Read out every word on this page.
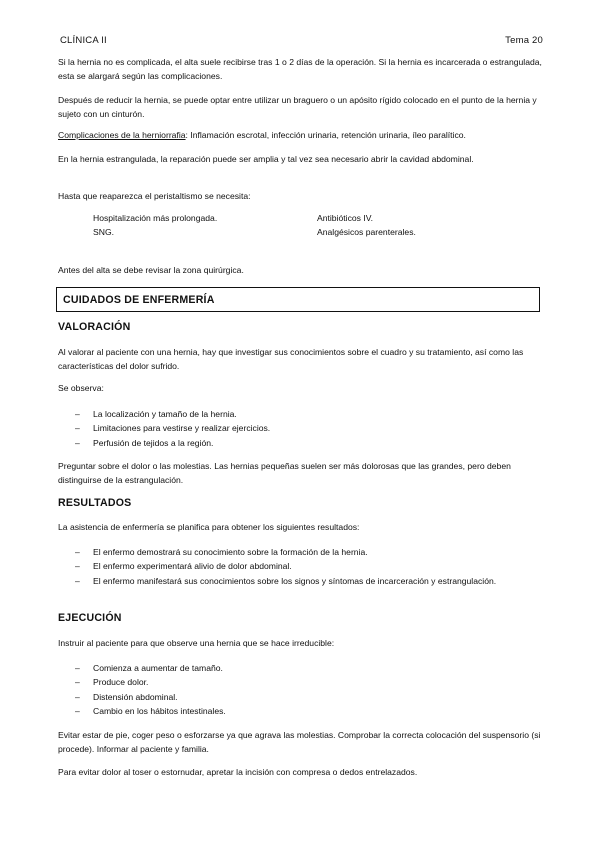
CLÍNICA II	Tema 20

Si la hernia no es complicada, el alta suele recibirse tras 1 o 2 días de la operación. Si la hernia es incarcerada o estrangulada, esta se alargará según las complicaciones.

Después de reducir la hernia, se puede optar entre utilizar un braguero o un apósito rígido colocado en el punto de la hernia y sujeto con un cinturón.

Complicaciones de la herniorrafia: Inflamación escrotal, infección urinaria, retención urinaria, íleo paralítico.

En la hernia estrangulada, la reparación puede ser amplia y tal vez sea necesario abrir la cavidad abdominal.

Hasta que reaparezca el peristaltismo se necesita:

Hospitalización más prolongada.
SNG.
Antibióticos IV.
Analgésicos parenterales.

Antes del alta se debe revisar la zona quirúrgica.

CUIDADOS DE ENFERMERÍA
VALORACIÓN

Al valorar al paciente con una hernia, hay que investigar sus conocimientos sobre el cuadro y su tratamiento, así como las características del dolor sufrido.

Se observa:

– La localización y tamaño de la hernia.
– Limitaciones para vestirse y realizar ejercicios.
– Perfusión de tejidos a la región.

Preguntar sobre el dolor o las molestias. Las hernias pequeñas suelen ser más dolorosas que las grandes, pero deben distinguirse de la estrangulación.

RESULTADOS

La asistencia de enfermería se planifica para obtener los siguientes resultados:

– El enfermo demostrará su conocimiento sobre la formación de la hernia.
– El enfermo experimentará alivio de dolor abdominal.
– El enfermo manifestará sus conocimientos sobre los signos y síntomas de incarceración y estrangulación.
EJECUCIÓN

Instruir al paciente para que observe una hernia que se hace irreducible:

– Comienza a aumentar de tamaño.
– Produce dolor.
– Distensión abdominal.
– Cambio en los hábitos intestinales.

Evitar estar de pie, coger peso o esforzarse ya que agrava las molestias. Comprobar la correcta colocación del suspensorio (si procede). Informar al paciente y familia.

Para evitar dolor al toser o estornudar, apretar la incisión con compresa o dedos entrelazados.
